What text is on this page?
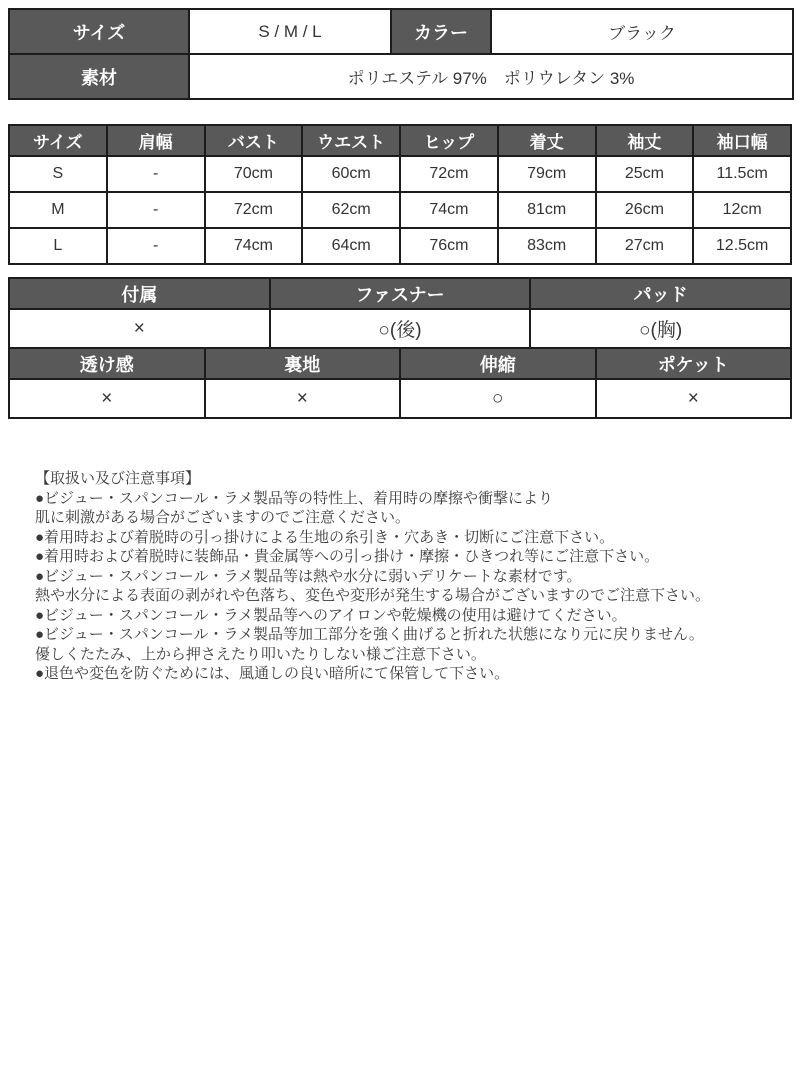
サイズ	S / M / L	カラー	ブラック
素材	ポリエステル 97%　ポリウレタン 3%		
サイズ	肩幅	バスト	ウエスト	ヒップ	着丈	袖丈	袖口幅
S	-	70cm	60cm	72cm	79cm	25cm	11.5cm
M	-	72cm	62cm	74cm	81cm	26cm	12cm
L	-	74cm	64cm	76cm	83cm	27cm	12.5cm
付属	ファスナー	パッド
×	○(後)	○(胸)
透け感	裏地	伸縮	ポケット
×	×	○	×
【取扱い及び注意事項】
●ビジュー・スパンコール・ラメ製品等の特性上、着用時の摩擦や衝撃により
肌に刺激がある場合がございますのでご注意ください。
●着用時および着脱時の引っ掛けによる生地の糸引き・穴あき・切断にご注意下さい。
●着用時および着脱時に装飾品・貴金属等への引っ掛け・摩擦・ひきつれ等にご注意下さい。
●ビジュー・スパンコール・ラメ製品等は熱や水分に弱いデリケートな素材です。
熱や水分による表面の剥がれや色落ち、変色や変形が発生する場合がございますのでご注意下さい。
●ビジュー・スパンコール・ラメ製品等へのアイロンや乾燥機の使用は避けてください。
●ビジュー・スパンコール・ラメ製品等加工部分を強く曲げると折れた状態になり元に戻りません。
優しくたたみ、上から押さえたり叩いたりしない様ご注意下さい。
●退色や変色を防ぐためには、風通しの良い暗所にて保管して下さい。
